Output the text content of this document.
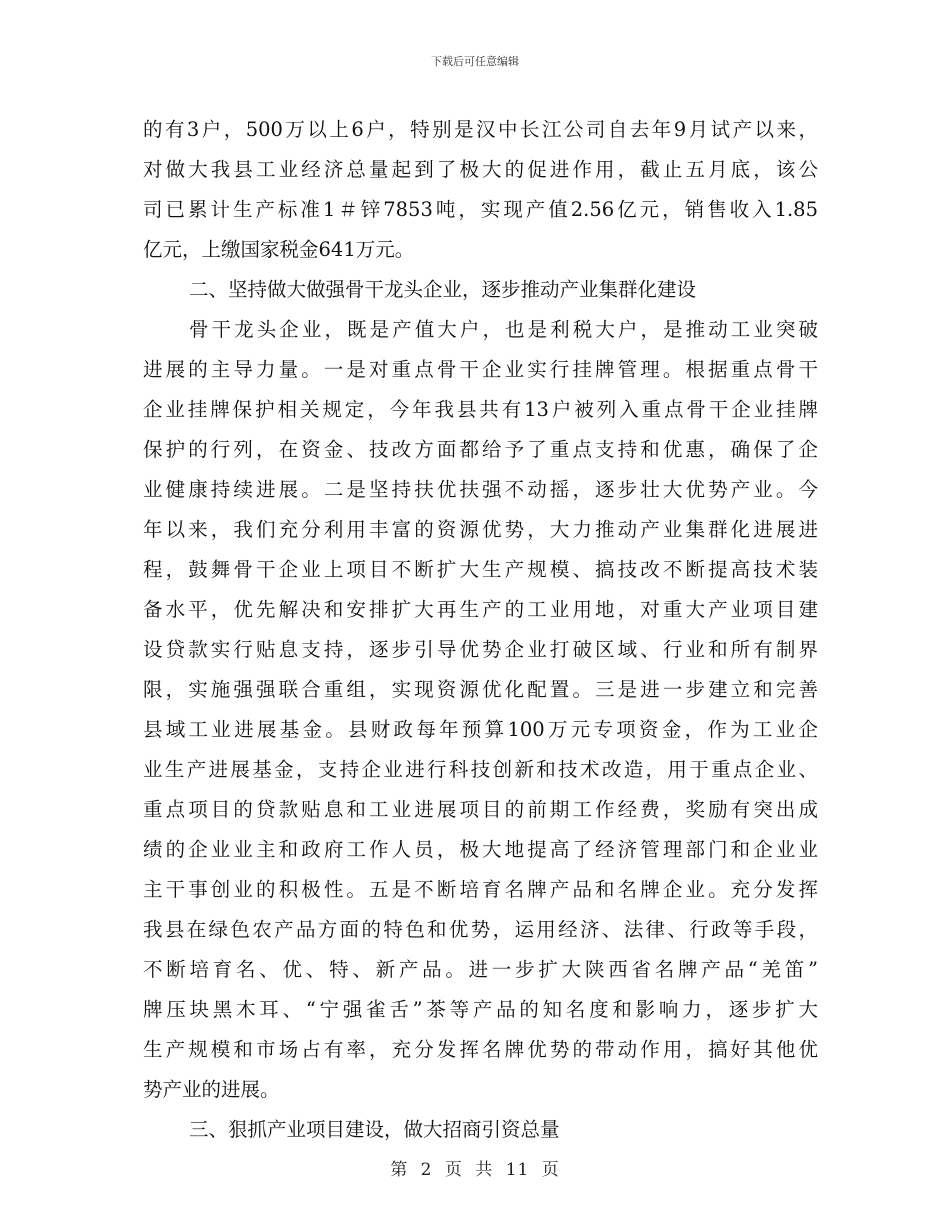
下载后可任意编辑
的有3户，500万以上6户，特别是汉中长江公司自去年9月试产以来，
对做大我县工业经济总量起到了极大的促进作用，截止五月底，该公
司已累计生产标准1＃锌7853吨，实现产值2.56亿元，销售收入1.85
亿元，上缴国家税金641万元。
二、坚持做大做强骨干龙头企业，逐步推动产业集群化建设
骨干龙头企业，既是产值大户，也是利税大户，是推动工业突破
进展的主导力量。一是对重点骨干企业实行挂牌管理。根据重点骨干
企业挂牌保护相关规定，今年我县共有13户被列入重点骨干企业挂牌
保护的行列，在资金、技改方面都给予了重点支持和优惠，确保了企
业健康持续进展。二是坚持扶优扶强不动摇，逐步壮大优势产业。今
年以来，我们充分利用丰富的资源优势，大力推动产业集群化进展进
程，鼓舞骨干企业上项目不断扩大生产规模、搞技改不断提高技术装
备水平，优先解决和安排扩大再生产的工业用地，对重大产业项目建
设贷款实行贴息支持，逐步引导优势企业打破区域、行业和所有制界
限，实施强强联合重组，实现资源优化配置。三是进一步建立和完善
县域工业进展基金。县财政每年预算100万元专项资金，作为工业企
业生产进展基金，支持企业进行科技创新和技术改造，用于重点企业、
重点项目的贷款贴息和工业进展项目的前期工作经费，奖励有突出成
绩的企业业主和政府工作人员，极大地提高了经济管理部门和企业业
主干事创业的积极性。五是不断培育名牌产品和名牌企业。充分发挥
我县在绿色农产品方面的特色和优势，运用经济、法律、行政等手段，
不断培育名、优、特、新产品。进一步扩大陕西省名牌产品“羌笛”
牌压块黑木耳、“宁强雀舌”茶等产品的知名度和影响力，逐步扩大
生产规模和市场占有率，充分发挥名牌优势的带动作用，搞好其他优
势产业的进展。
三、狠抓产业项目建设，做大招商引资总量
第 2 页 共 11 页
